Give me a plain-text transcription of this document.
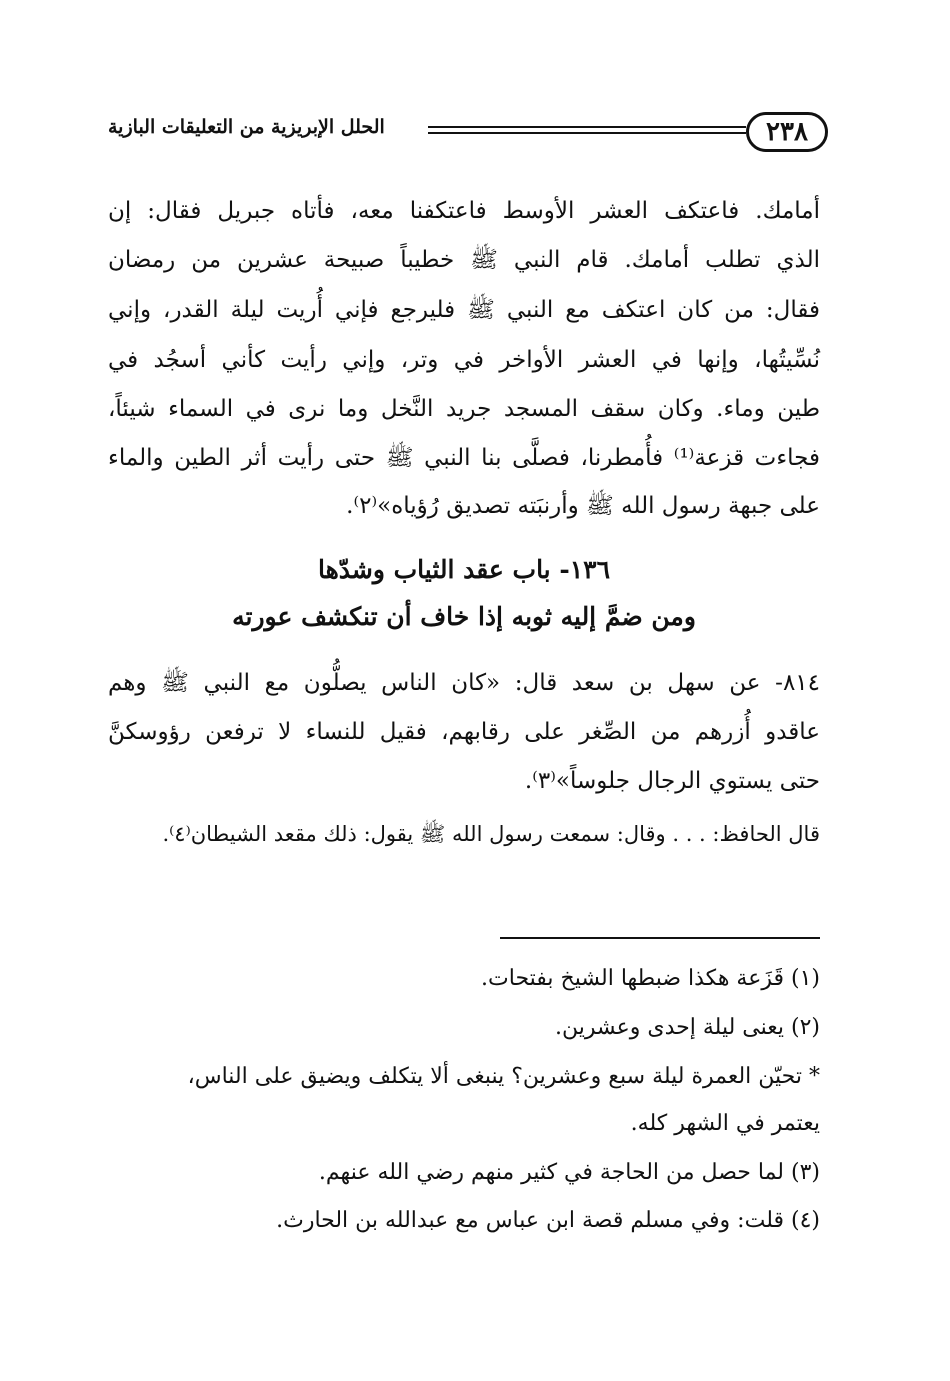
٢٣٨
الحلل الإبريزية من التعليقات البازية
أمامك. فاعتكف العشر الأوسط فاعتكفنا معه، فأتاه جبريل فقال: إن
الذي تطلب أمامك. قام النبي ﷺ خطيباً صبيحة عشرين من رمضان
فقال: من كان اعتكف مع النبي ﷺ فليرجع فإني أُريت ليلة القدر، وإني
نُسِّيتُها، وإنها في العشر الأواخر في وتر، وإني رأيت كأني أسجُد في
طين وماء. وكان سقف المسجد جريد النَّخل وما نرى في السماء شيئاً،
فجاءت قزعة⁽¹⁾ فأُمطرنا، فصلَّى بنا النبي ﷺ حتى رأيت أثر الطين والماء
على جبهة رسول الله ﷺ وأرنبَته تصديق رُؤياه»⁽٢⁾.
١٣٦- باب عقد الثياب وشدّها
ومن ضمَّ إليه ثوبه إذا خاف أن تنكشف عورته
٨١٤- عن سهل بن سعد قال: «كان الناس يصلُّون مع النبي ﷺ وهم
عاقدو أُزرهم من الصِّغر على رقابهم، فقيل للنساء لا ترفعن رؤوسكنَّ
حتى يستوي الرجال جلوساً»⁽٣⁾.
قال الحافظ: . . . وقال: سمعت رسول الله ﷺ يقول: ذلك مقعد الشيطان⁽٤⁾.
(١) قَزَعة هكذا ضبطها الشيخ بفتحات.
(٢) يعنى ليلة إحدى وعشرين.
* تحيّن العمرة ليلة سبع وعشرين؟ ينبغى ألا يتكلف ويضيق على الناس،
يعتمر في الشهر كله.
(٣) لما حصل من الحاجة في كثير منهم رضي الله عنهم.
(٤) قلت: وفي مسلم قصة ابن عباس مع عبدالله بن الحارث.
